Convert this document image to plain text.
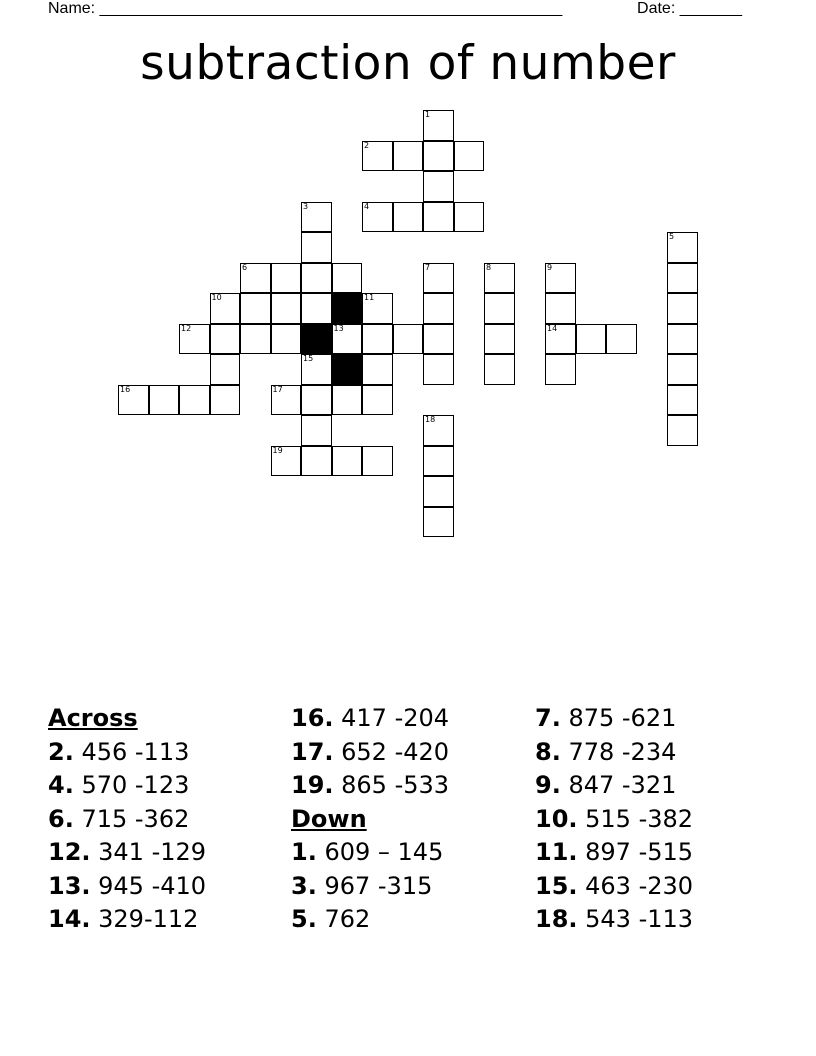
Name: ____________________________________________________	Date: _______
subtraction of number
1
2
3	4
5
6	7	8	9
10	11
12	13	14
15
16	17
18
19
Across
2. 456 -113
4. 570 -123
6. 715 -362
12. 341 -129
13. 945 -410
14. 329-112
16. 417 -204
17. 652 -420
19. 865 -533
Down
1. 609 – 145
3. 967 -315
5. 762
7. 875 -621
8. 778 -234
9. 847 -321
10. 515 -382
11. 897 -515
15. 463 -230
18. 543 -113
